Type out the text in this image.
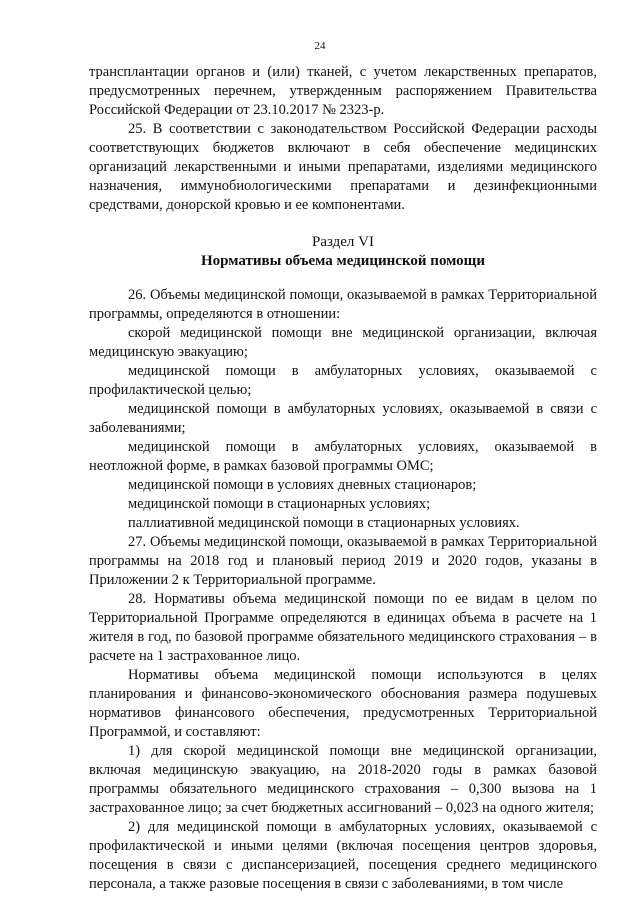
24

трансплантации органов и (или) тканей, с учетом лекарственных препаратов, предусмотренных перечнем, утвержденным распоряжением Правительства Российской Федерации от 23.10.2017 № 2323-р.

25. В соответствии с законодательством Российской Федерации расходы соответствующих бюджетов включают в себя обеспечение медицинских организаций лекарственными и иными препаратами, изделиями медицинского назначения, иммунобиологическими препаратами и дезинфекционными средствами, донорской кровью и ее компонентами.

Раздел VI
Нормативы объема медицинской помощи

26. Объемы медицинской помощи, оказываемой в рамках Территориальной программы, определяются в отношении:

скорой медицинской помощи вне медицинской организации, включая медицинскую эвакуацию;

медицинской помощи в амбулаторных условиях, оказываемой с профилактической целью;

медицинской помощи в амбулаторных условиях, оказываемой в связи с заболеваниями;

медицинской помощи в амбулаторных условиях, оказываемой в неотложной форме, в рамках базовой программы ОМС;

медицинской помощи в условиях дневных стационаров;

медицинской помощи в стационарных условиях;

паллиативной медицинской помощи в стационарных условиях.

27. Объемы медицинской помощи, оказываемой в рамках Территориальной программы на 2018 год и плановый период 2019 и 2020 годов, указаны в Приложении 2 к Территориальной программе.

28. Нормативы объема медицинской помощи по ее видам в целом по Территориальной Программе определяются в единицах объема в расчете на 1 жителя в год, по базовой программе обязательного медицинского страхования – в расчете на 1 застрахованное лицо.

Нормативы объема медицинской помощи используются в целях планирования и финансово-экономического обоснования размера подушевых нормативов финансового обеспечения, предусмотренных Территориальной Программой, и составляют:

1) для скорой медицинской помощи вне медицинской организации, включая медицинскую эвакуацию, на 2018-2020 годы в рамках базовой программы обязательного медицинского страхования – 0,300 вызова на 1 застрахованное лицо; за счет бюджетных ассигнований – 0,023 на одного жителя;

2) для медицинской помощи в амбулаторных условиях, оказываемой с профилактической и иными целями (включая посещения центров здоровья, посещения в связи с диспансеризацией, посещения среднего медицинского персонала, а также разовые посещения в связи с заболеваниями, в том числе
